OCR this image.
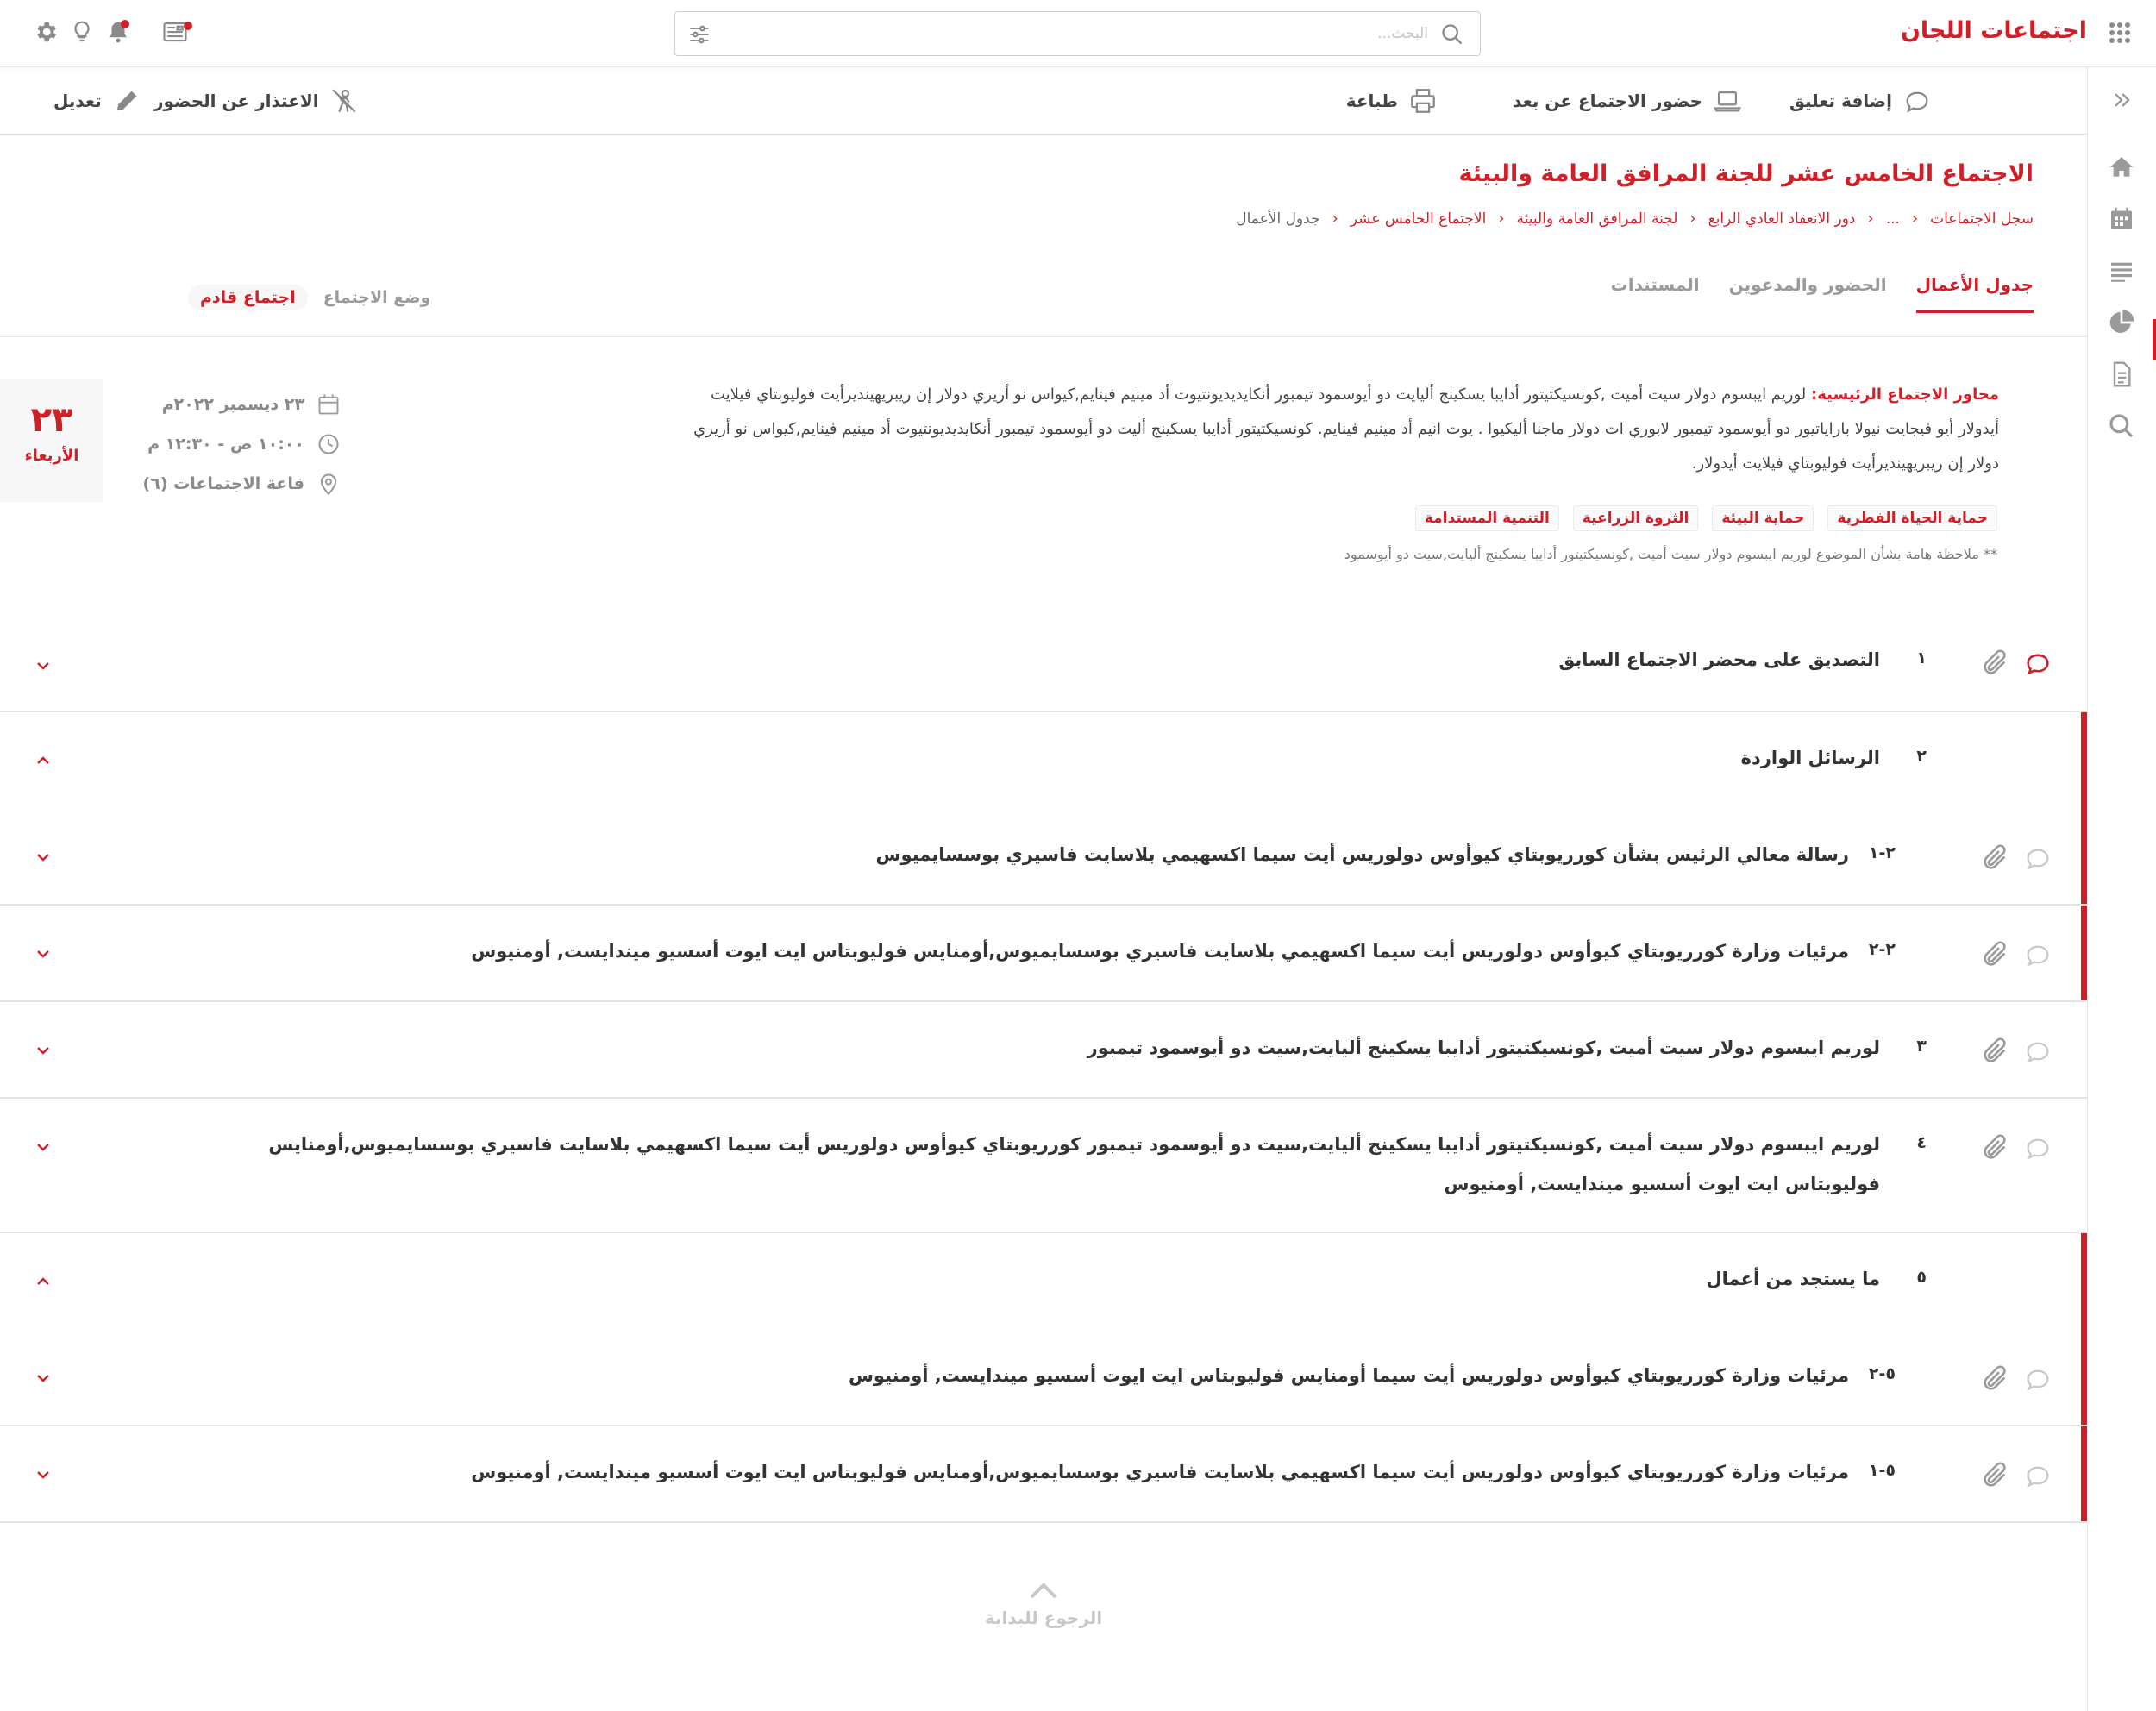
اجتماعات اللجان
البحث...
إضافة تعليق
حضور الاجتماع عن بعد
طباعة
الاعتذار عن الحضور
تعديل
الاجتماع الخامس عشر للجنة المرافق العامة والبيئة
سجل الاجتماعات
‹
...
‹
دور الانعقاد العادي الرابع
‹
لجنة المرافق العامة والبيئة
‹
الاجتماع الخامس عشر
‹
جدول الأعمال
جدول الأعمال
الحضور والمدعوين
المستندات
وضع الاجتماع
اجتماع قادم
محاور الاجتماع الرئيسية: لوريم ايبسوم دولار سيت أميت ,كونسيكتيتور أدايبا يسكينج أليايت دو أيوسمود تيمبور أنكايديديونتيوت أد مينيم فينايم,كيواس نو أريري دولار إن ريبريهينديرأيت فوليوبتاي فيلايت أيدولار أيو فيجايت نيولا باراياتيور دو أيوسمود تيمبور لابوري ات دولار ماجنا أليكيوا . يوت انيم أد مينيم فينايم. كونسيكتيتور أدايبا يسكينج أليت دو أيوسمود تيمبور أنكايديديونتيوت أد مينيم فينايم,كيواس نو أريري دولار إن ريبريهينديرأيت فوليوبتاي فيلايت أيدولار.
حماية الحياة الفطرية
حماية البيئة
الثروة الزراعية
التنمية المستدامة
** ملاحظة هامة بشأن الموضوع لوريم ايبسوم دولار سيت أميت ,كونسيكتيتور أدايبا يسكينج أليايت,سيت دو أيوسمود
٢٣ ديسمبر ٢٠٢٢م
١٠:٠٠ ص - ١٢:٣٠ م
قاعة الاجتماعات (٦)
٢٣
الأربعاء
١
التصديق على محضر الاجتماع السابق
٢
الرسائل الواردة
٢-١
رسالة معالي الرئيس بشأن كورريوبتاي كيوأوس دولوريس أيت سيما اكسهيمي بلاسايت فاسيري بوسسايميوس
٢-٢
مرئيات وزارة كورريوبتاي كيوأوس دولوريس أيت سيما اكسهيمي بلاسايت فاسيري بوسسايميوس,أومنايس فوليوبتاس ايت ايوت أسسيو ميندايست, أومنيوس
٣
لوريم ايبسوم دولار سيت أميت ,كونسيكتيتور أدايبا يسكينج أليايت,سيت دو أيوسمود تيمبور
٤
لوريم ايبسوم دولار سيت أميت ,كونسيكتيتور أدايبا يسكينج أليايت,سيت دو أيوسمود تيمبور كورريوبتاي كيوأوس دولوريس أيت سيما اكسهيمي بلاسايت فاسيري بوسسايميوس,أومنايس فوليوبتاس ايت ايوت أسسيو ميندايست, أومنيوس
٥
ما يستجد من أعمال
٥-٢
مرئيات وزارة كورريوبتاي كيوأوس دولوريس أيت سيما أومنايس فوليوبتاس ايت ايوت أسسيو ميندايست, أومنيوس
٥-١
مرئيات وزارة كورريوبتاي كيوأوس دولوريس أيت سيما اكسهيمي بلاسايت فاسيري بوسسايميوس,أومنايس فوليوبتاس ايت ايوت أسسيو ميندايست, أومنيوس
الرجوع للبداية
